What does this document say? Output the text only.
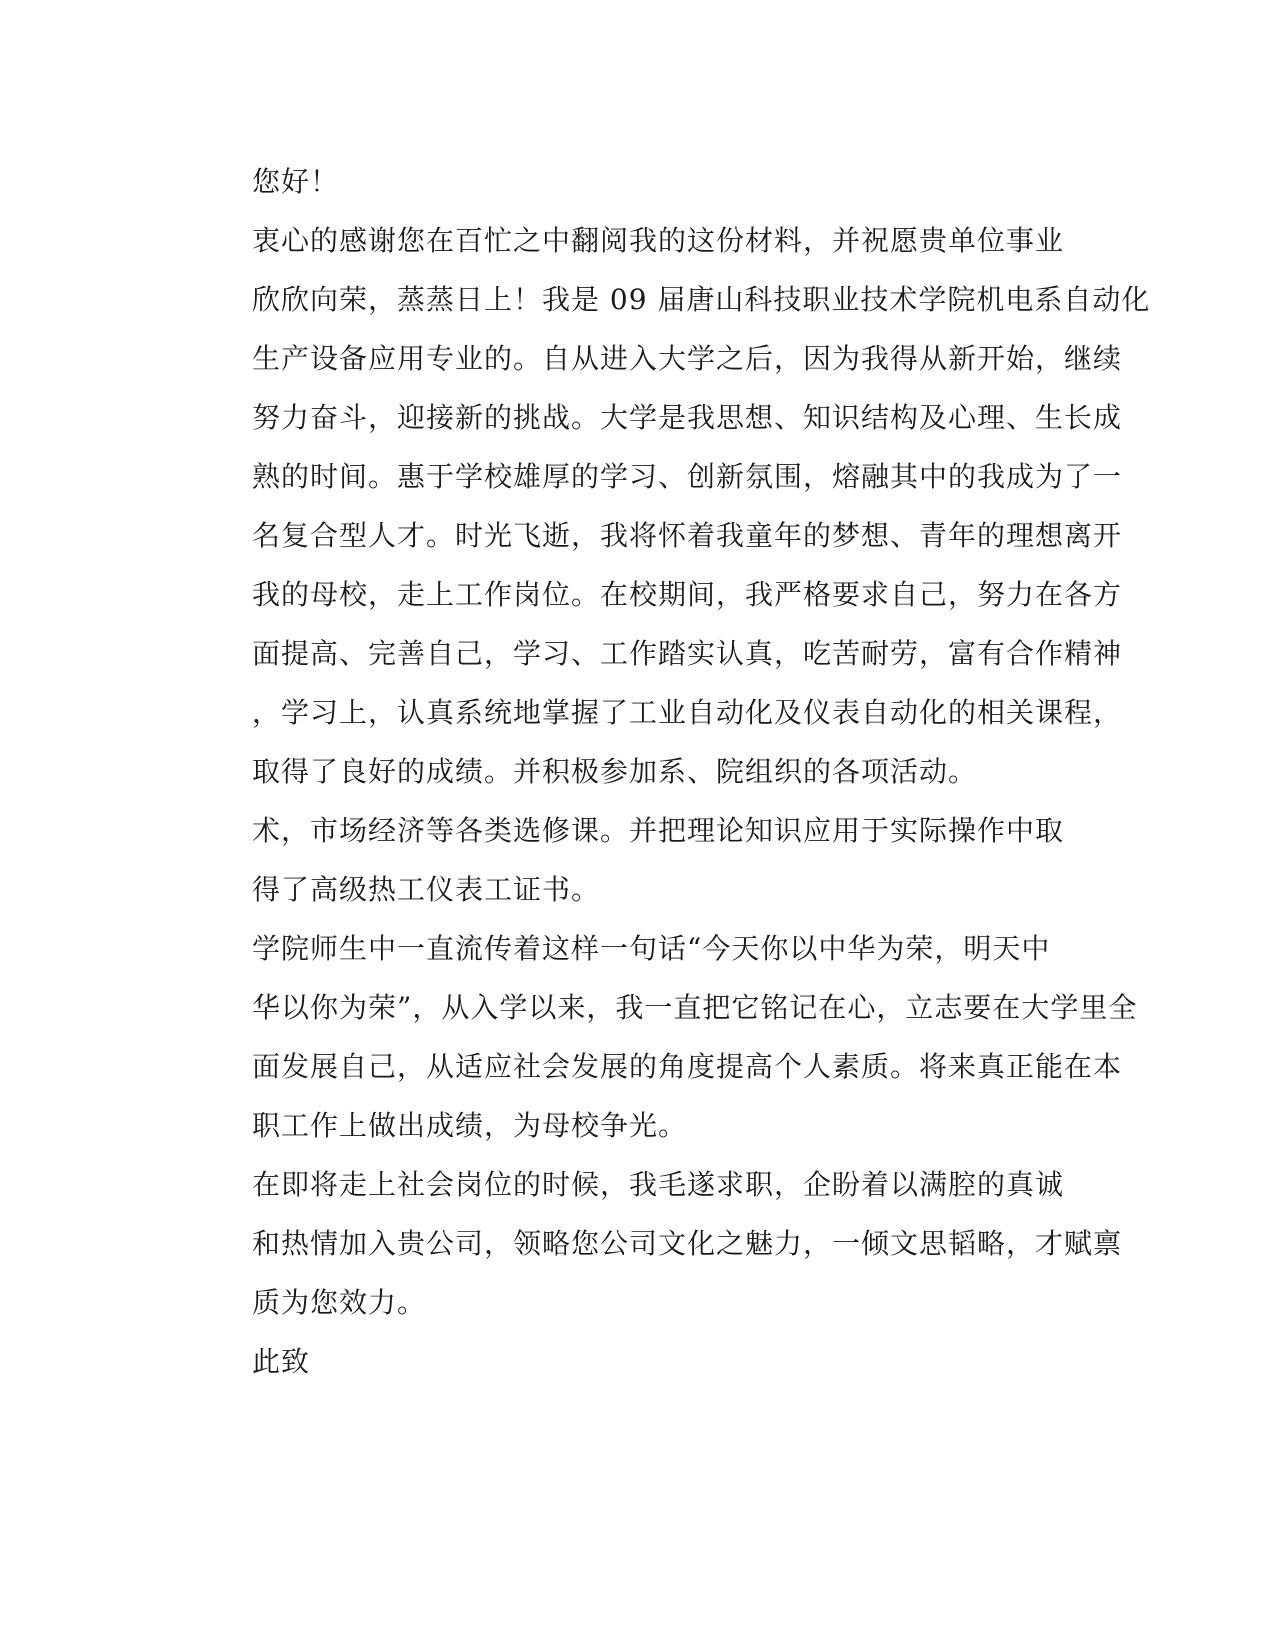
您好！

衷心的感谢您在百忙之中翻阅我的这份材料，并祝愿贵单位事业
欣欣向荣，蒸蒸日上！我是 09 届唐山科技职业技术学院机电系自动化
生产设备应用专业的。自从进入大学之后，因为我得从新开始，继续
努力奋斗，迎接新的挑战。大学是我思想、知识结构及心理、生长成
熟的时间。惠于学校雄厚的学习、创新氛围，熔融其中的我成为了一
名复合型人才。时光飞逝，我将怀着我童年的梦想、青年的理想离开
我的母校，走上工作岗位。在校期间，我严格要求自己，努力在各方
面提高、完善自己，学习、工作踏实认真，吃苦耐劳，富有合作精神
，学习上，认真系统地掌握了工业自动化及仪表自动化的相关课程，
取得了良好的成绩。并积极参加系、院组织的各项活动。

术，市场经济等各类选修课。并把理论知识应用于实际操作中取
得了高级热工仪表工证书。

学院师生中一直流传着这样一句话“今天你以中华为荣，明天中
华以你为荣”，从入学以来，我一直把它铭记在心，立志要在大学里全
面发展自己，从适应社会发展的角度提高个人素质。将来真正能在本
职工作上做出成绩，为母校争光。

在即将走上社会岗位的时候，我毛遂求职，企盼着以满腔的真诚
和热情加入贵公司，领略您公司文化之魅力，一倾文思韬略，才赋禀
质为您效力。

此致
